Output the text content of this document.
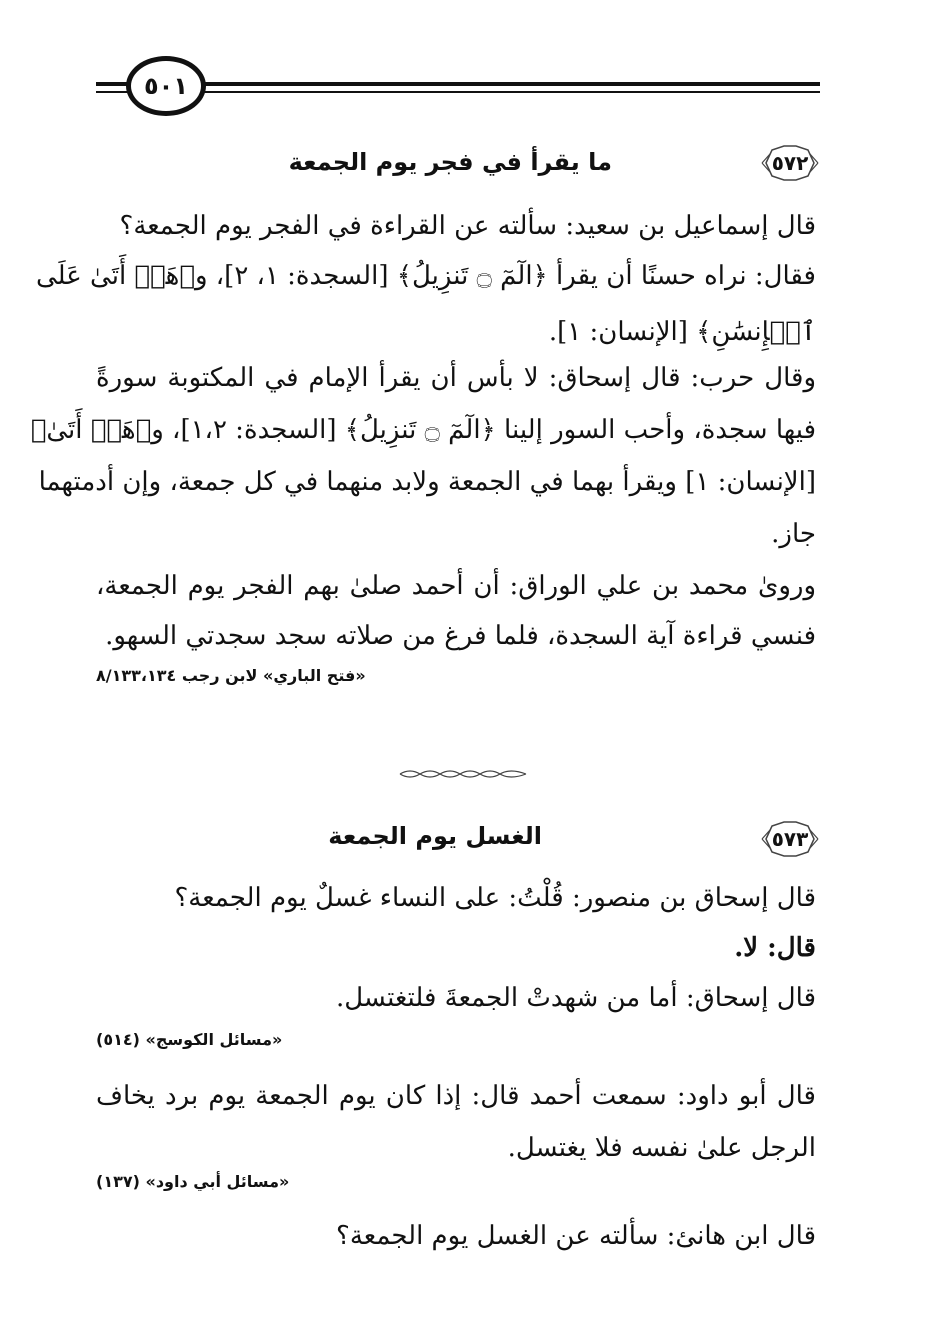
٥٠١
٥٧٢
ما يقرأ في فجر يوم الجمعة
قال إسماعيل بن سعيد: سألته عن القراءة في الفجر يوم الجمعة؟
فقال: نراه حسنًا أن يقرأ ﴿الٓمٓ ۝ تَنزِيلُ﴾ [السجدة: ١، ٢]، و﴿هَلۡ أَتَىٰ عَلَى
ٱلۡإِنسَٰنِ﴾ [الإنسان: ١].
وقال حرب: قال إسحاق: لا بأس أن يقرأ الإمام في المكتوبة سورةً
فيها سجدة، وأحب السور إلينا ﴿الٓمٓ ۝ تَنزِيلُ﴾ [السجدة: ١،٢]، و﴿هَلۡ أَتَىٰ﴾
[الإنسان: ١] ويقرأ بهما في الجمعة ولابد منهما في كل جمعة، وإن أدمتهما
جاز.
وروىٰ محمد بن علي الوراق: أن أحمد صلىٰ بهم الفجر يوم الجمعة،
فنسي قراءة آية السجدة، فلما فرغ من صلاته سجد سجدتي السهو.
«فتح الباري» لابن رجب ٨/١٣٣،١٣٤
٥٧٣
الغسل يوم الجمعة
قال إسحاق بن منصور: قُلْتُ: على النساء غسلٌ يوم الجمعة؟
قال: لا.
قال إسحاق: أما من شهدتْ الجمعةَ فلتغتسل.
«مسائل الكوسج» (٥١٤)
قال أبو داود: سمعت أحمد قال: إذا كان يوم الجمعة يوم برد يخاف
الرجل علىٰ نفسه فلا يغتسل.
«مسائل أبي داود» (١٣٧)
قال ابن هانئ: سألته عن الغسل يوم الجمعة؟
